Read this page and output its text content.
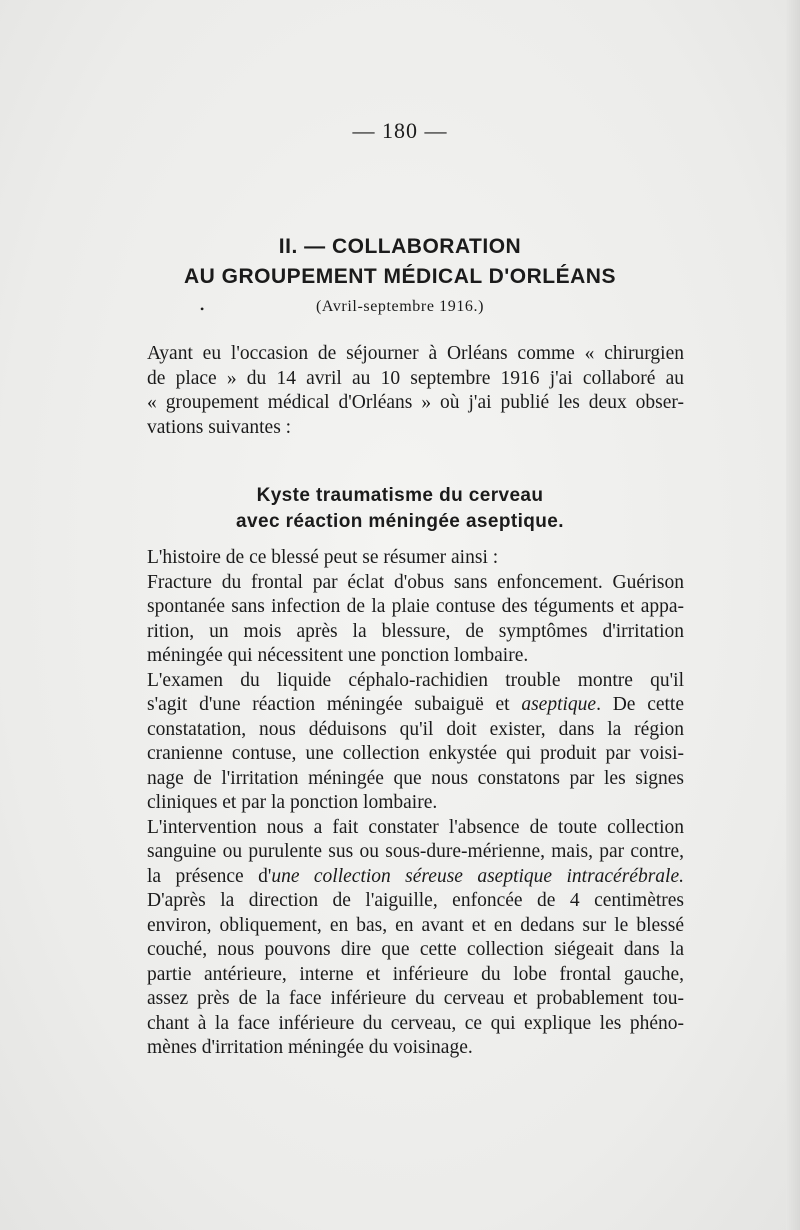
— 180 —
II. — COLLABORATION
AU GROUPEMENT MÉDICAL D'ORLÉANS
•	(Avril-septembre 1916.)
Ayant eu l'occasion de séjourner à Orléans comme « chirurgien
de place » du 14 avril au 10 septembre 1916 j'ai collaboré au
« groupement médical d'Orléans » où j'ai publié les deux obser-
vations suivantes :
Kyste traumatisme du cerveau
avec réaction méningée aseptique.
L'histoire de ce blessé peut se résumer ainsi :
Fracture du frontal par éclat d'obus sans enfoncement. Guérison
spontanée sans infection de la plaie contuse des téguments et appa-
rition, un mois après la blessure, de symptômes d'irritation
méningée qui nécessitent une ponction lombaire.
L'examen du liquide céphalo-rachidien trouble montre qu'il
s'agit d'une réaction méningée subaiguë et aseptique. De cette
constatation, nous déduisons qu'il doit exister, dans la région
cranienne contuse, une collection enkystée qui produit par voisi-
nage de l'irritation méningée que nous constatons par les signes
cliniques et par la ponction lombaire.
L'intervention nous a fait constater l'absence de toute collection
sanguine ou purulente sus ou sous-dure-mérienne, mais, par contre,
la présence d'une collection séreuse aseptique intracérébrale.
D'après la direction de l'aiguille, enfoncée de 4 centimètres
environ, obliquement, en bas, en avant et en dedans sur le blessé
couché, nous pouvons dire que cette collection siégeait dans la
partie antérieure, interne et inférieure du lobe frontal gauche,
assez près de la face inférieure du cerveau et probablement tou-
chant à la face inférieure du cerveau, ce qui explique les phéno-
mènes d'irritation méningée du voisinage.
